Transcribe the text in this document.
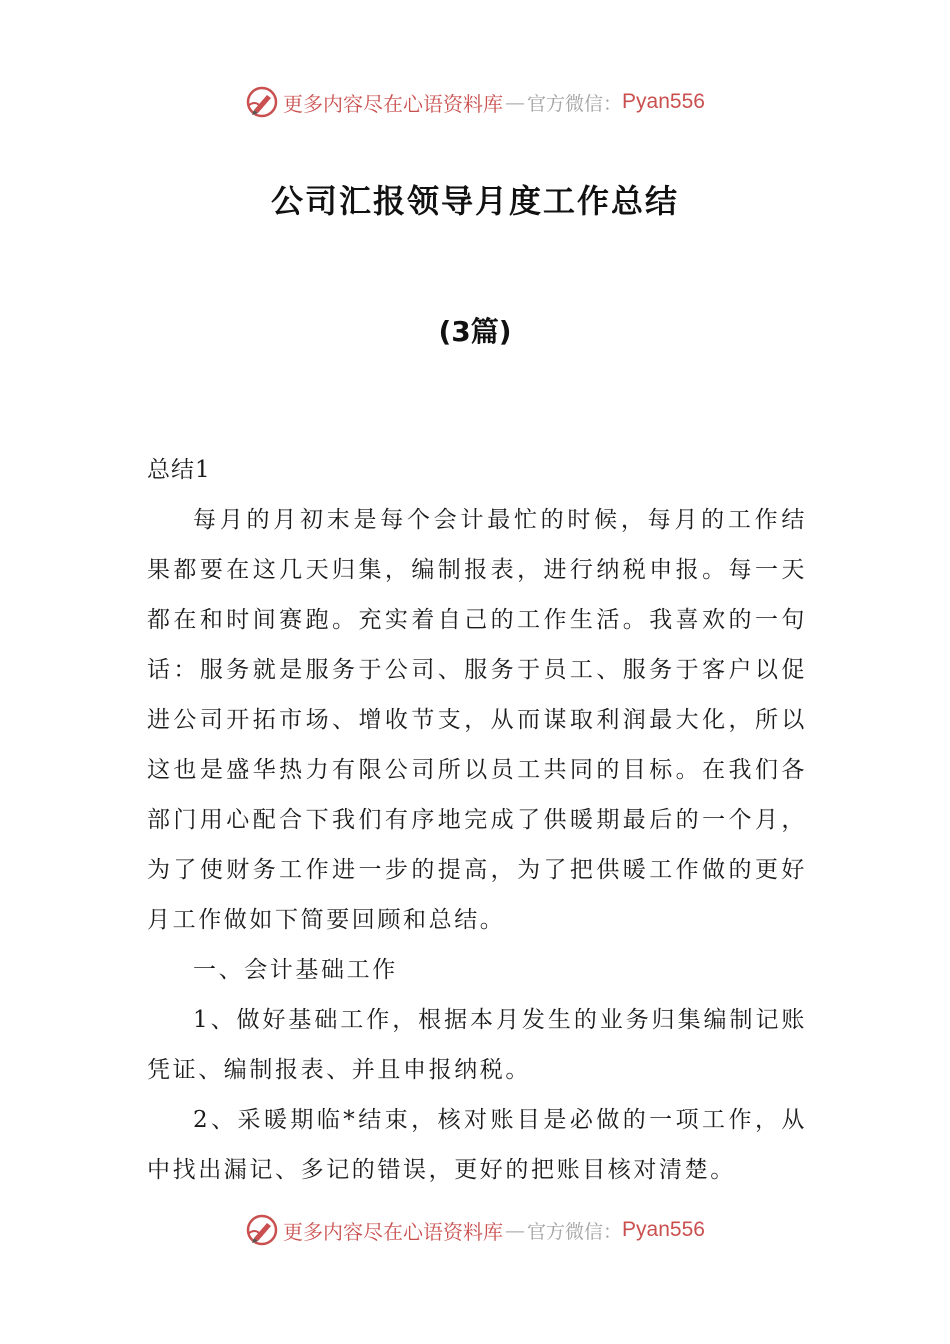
更多内容尽在心语资料库 — 官方微信： Pyan556
公司汇报领导月度工作总结
(3篇)

总结1

每月的月初末是每个会计最忙的时候，每月的工作结果都要在这几天归集，编制报表，进行纳税申报。每一天都在和时间赛跑。充实着自己的工作生活。我喜欢的一句话：服务就是服务于公司、服务于员工、服务于客户以促进公司开拓市场、增收节支，从而谋取利润最大化，所以这也是盛华热力有限公司所以员工共同的目标。在我们各部门用心配合下我们有序地完成了供暖期最后的一个月，为了使财务工作进一步的提高，为了把供暖工作做的更好月工作做如下简要回顾和总结。

一、会计基础工作

1、做好基础工作，根据本月发生的业务归集编制记账凭证、编制报表、并且申报纳税。

2、采暖期临*结束，核对账目是必做的一项工作，从中找出漏记、多记的错误，更好的把账目核对清楚。

更多内容尽在心语资料库 — 官方微信： Pyan556
